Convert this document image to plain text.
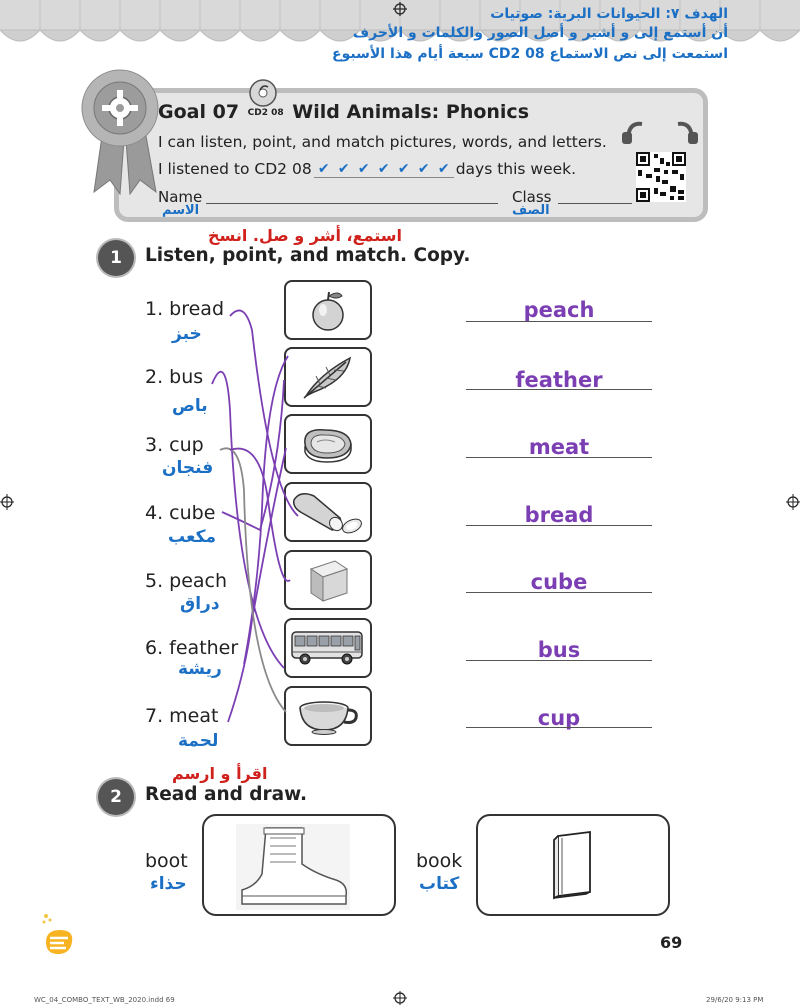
الهدف ٧: الحيوانات البرية: صوتيات
أن أستمع إلى و أشير و أصل الصور والكلمات و الأحرف
استمعت إلى نص الاستماع CD2 08 سبعة أيام هذا الأسبوع
Goal 07 CD2 08 Wild Animals: Phonics
I can listen, point, and match pictures, words, and letters.
I listened to CD2 08 ✔ ✔ ✔ ✔ ✔ ✔ ✔ days this week.
Name
الاسم
Class
الصف
استمع، أشر و صل. انسخ
1	Listen, point, and match. Copy.
1. bread
خبز
2. bus
باص
3. cup
فنجان
4. cube
مكعب
5. peach
دراق
6. feather
ريشة
7. meat
لحمة
peach
feather
meat
bread
cube
bus
cup
اقرأ و ارسم
2	Read and draw.
boot
حذاء
book
كتاب
69
WC_04_COMBO_TEXT_WB_2020.indd 69	29/6/20 9:13 PM
